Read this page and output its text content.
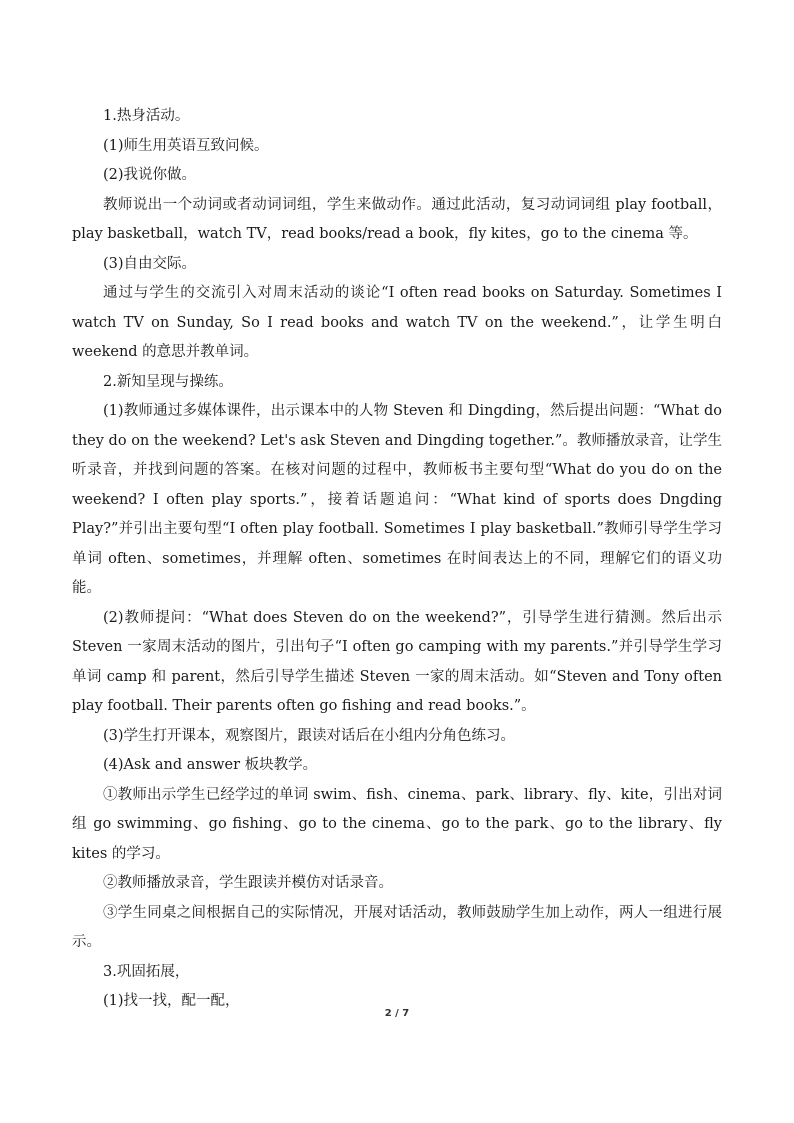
1.热身活动。

(1)师生用英语互致问候。

(2)我说你做。

教师说出一个动词或者动词词组，学生来做动作。通过此活动，复习动词词组 play football，play basketball，watch TV，read books/read a book，fly kites，go to the cinema 等。

(3)自由交际。

通过与学生的交流引入对周末活动的谈论“I often read books on Saturday. Sometimes I watch TV on Sunday, So I read books and watch TV on the weekend.”，让学生明白 weekend 的意思并教单词。

2.新知呈现与操练。

(1)教师通过多媒体课件，出示课本中的人物 Steven 和 Dingding，然后提出问题：“What do they do on the weekend? Let's ask Steven and Dingding together.”。教师播放录音，让学生听录音，并找到问题的答案。在核对问题的过程中，教师板书主要句型“What do you do on the weekend? I often play sports.”，接着话题追问：“What kind of sports does Dngding Play?”并引出主要句型“I often play football. Sometimes I play basketball.”教师引导学生学习单词 often、sometimes，并理解 often、sometimes 在时间表达上的不同，理解它们的语义功能。

(2)教师提问：“What does Steven do on the weekend?”，引导学生进行猜测。然后出示 Steven 一家周末活动的图片，引出句子“I often go camping with my parents.”并引导学生学习单词 camp 和 parent，然后引导学生描述 Steven 一家的周末活动。如“Steven and Tony often play football. Their parents often go fishing and read books.”。

(3)学生打开课本，观察图片，跟读对话后在小组内分角色练习。

(4)Ask and answer 板块教学。

①教师出示学生已经学过的单词 swim、fish、cinema、park、library、fly、kite，引出对词组 go swimming、go fishing、go to the cinema、go to the park、go to the library、fly kites 的学习。

②教师播放录音，学生跟读并模仿对话录音。

③学生同桌之间根据自己的实际情况，开展对话活动，教师鼓励学生加上动作，两人一组进行展示。

3.巩固拓展，

(1)找一找，配一配，

2 / 7
